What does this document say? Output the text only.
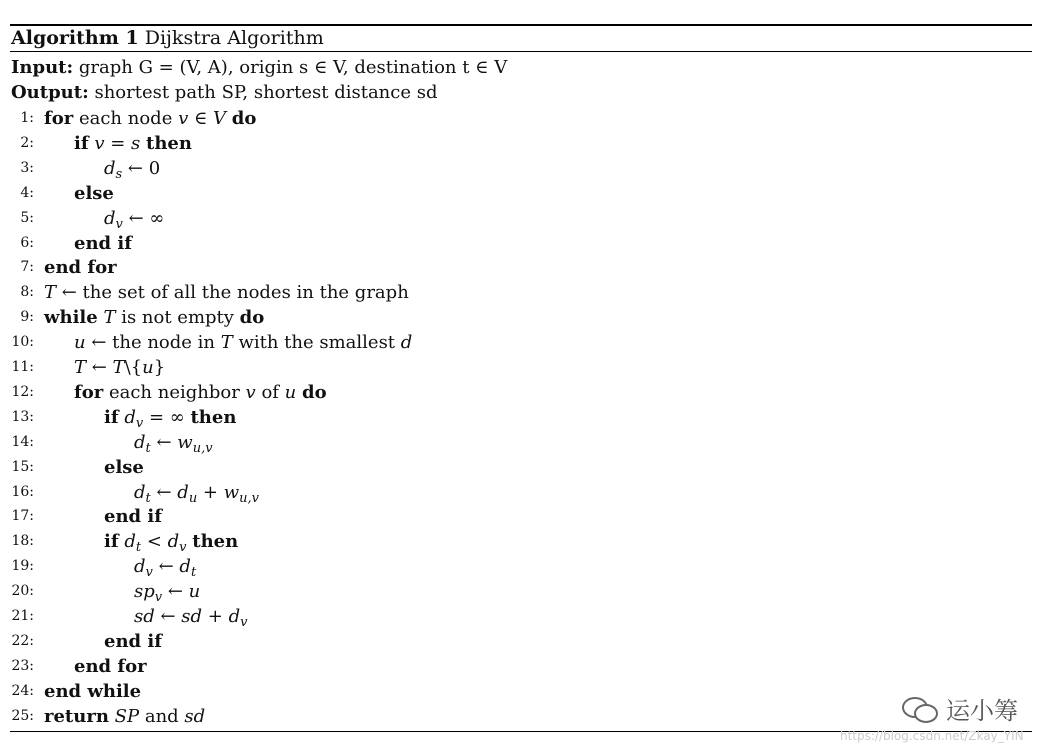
Algorithm 1 Dijkstra Algorithm
Input: graph G = (V, A), origin s ∈ V, destination t ∈ V
Output: shortest path SP, shortest distance sd
1: for each node v ∈ V do
2: if v = s then
3:	$d_s$ ← 0
4: else
5:	$d_v$ ← ∞
6: end if
7: end for
8: T ← the set of all the nodes in the graph
9: while T is not empty do
10: u ← the node in T with the smallest d
11: T ← T\{u}
12: for each neighbor v of u do
13:	if $d_v$ = ∞ then
14:	$d_t$ ← $w_{u,v}$
15:	else
16:	$d_t$ ← $d_u + w_{u,v}$
17:	end if
18:	if $d_t < d_v$ then
19:	$d_v$ ← $d_t$
20:	$sp_v$ ← u
21:	sd ← sd + $d_v$
22:	end if
23: end for
24: end while
25: return SP and sd	运小筹
https://blog.csdn.net/Zkay_YIN
